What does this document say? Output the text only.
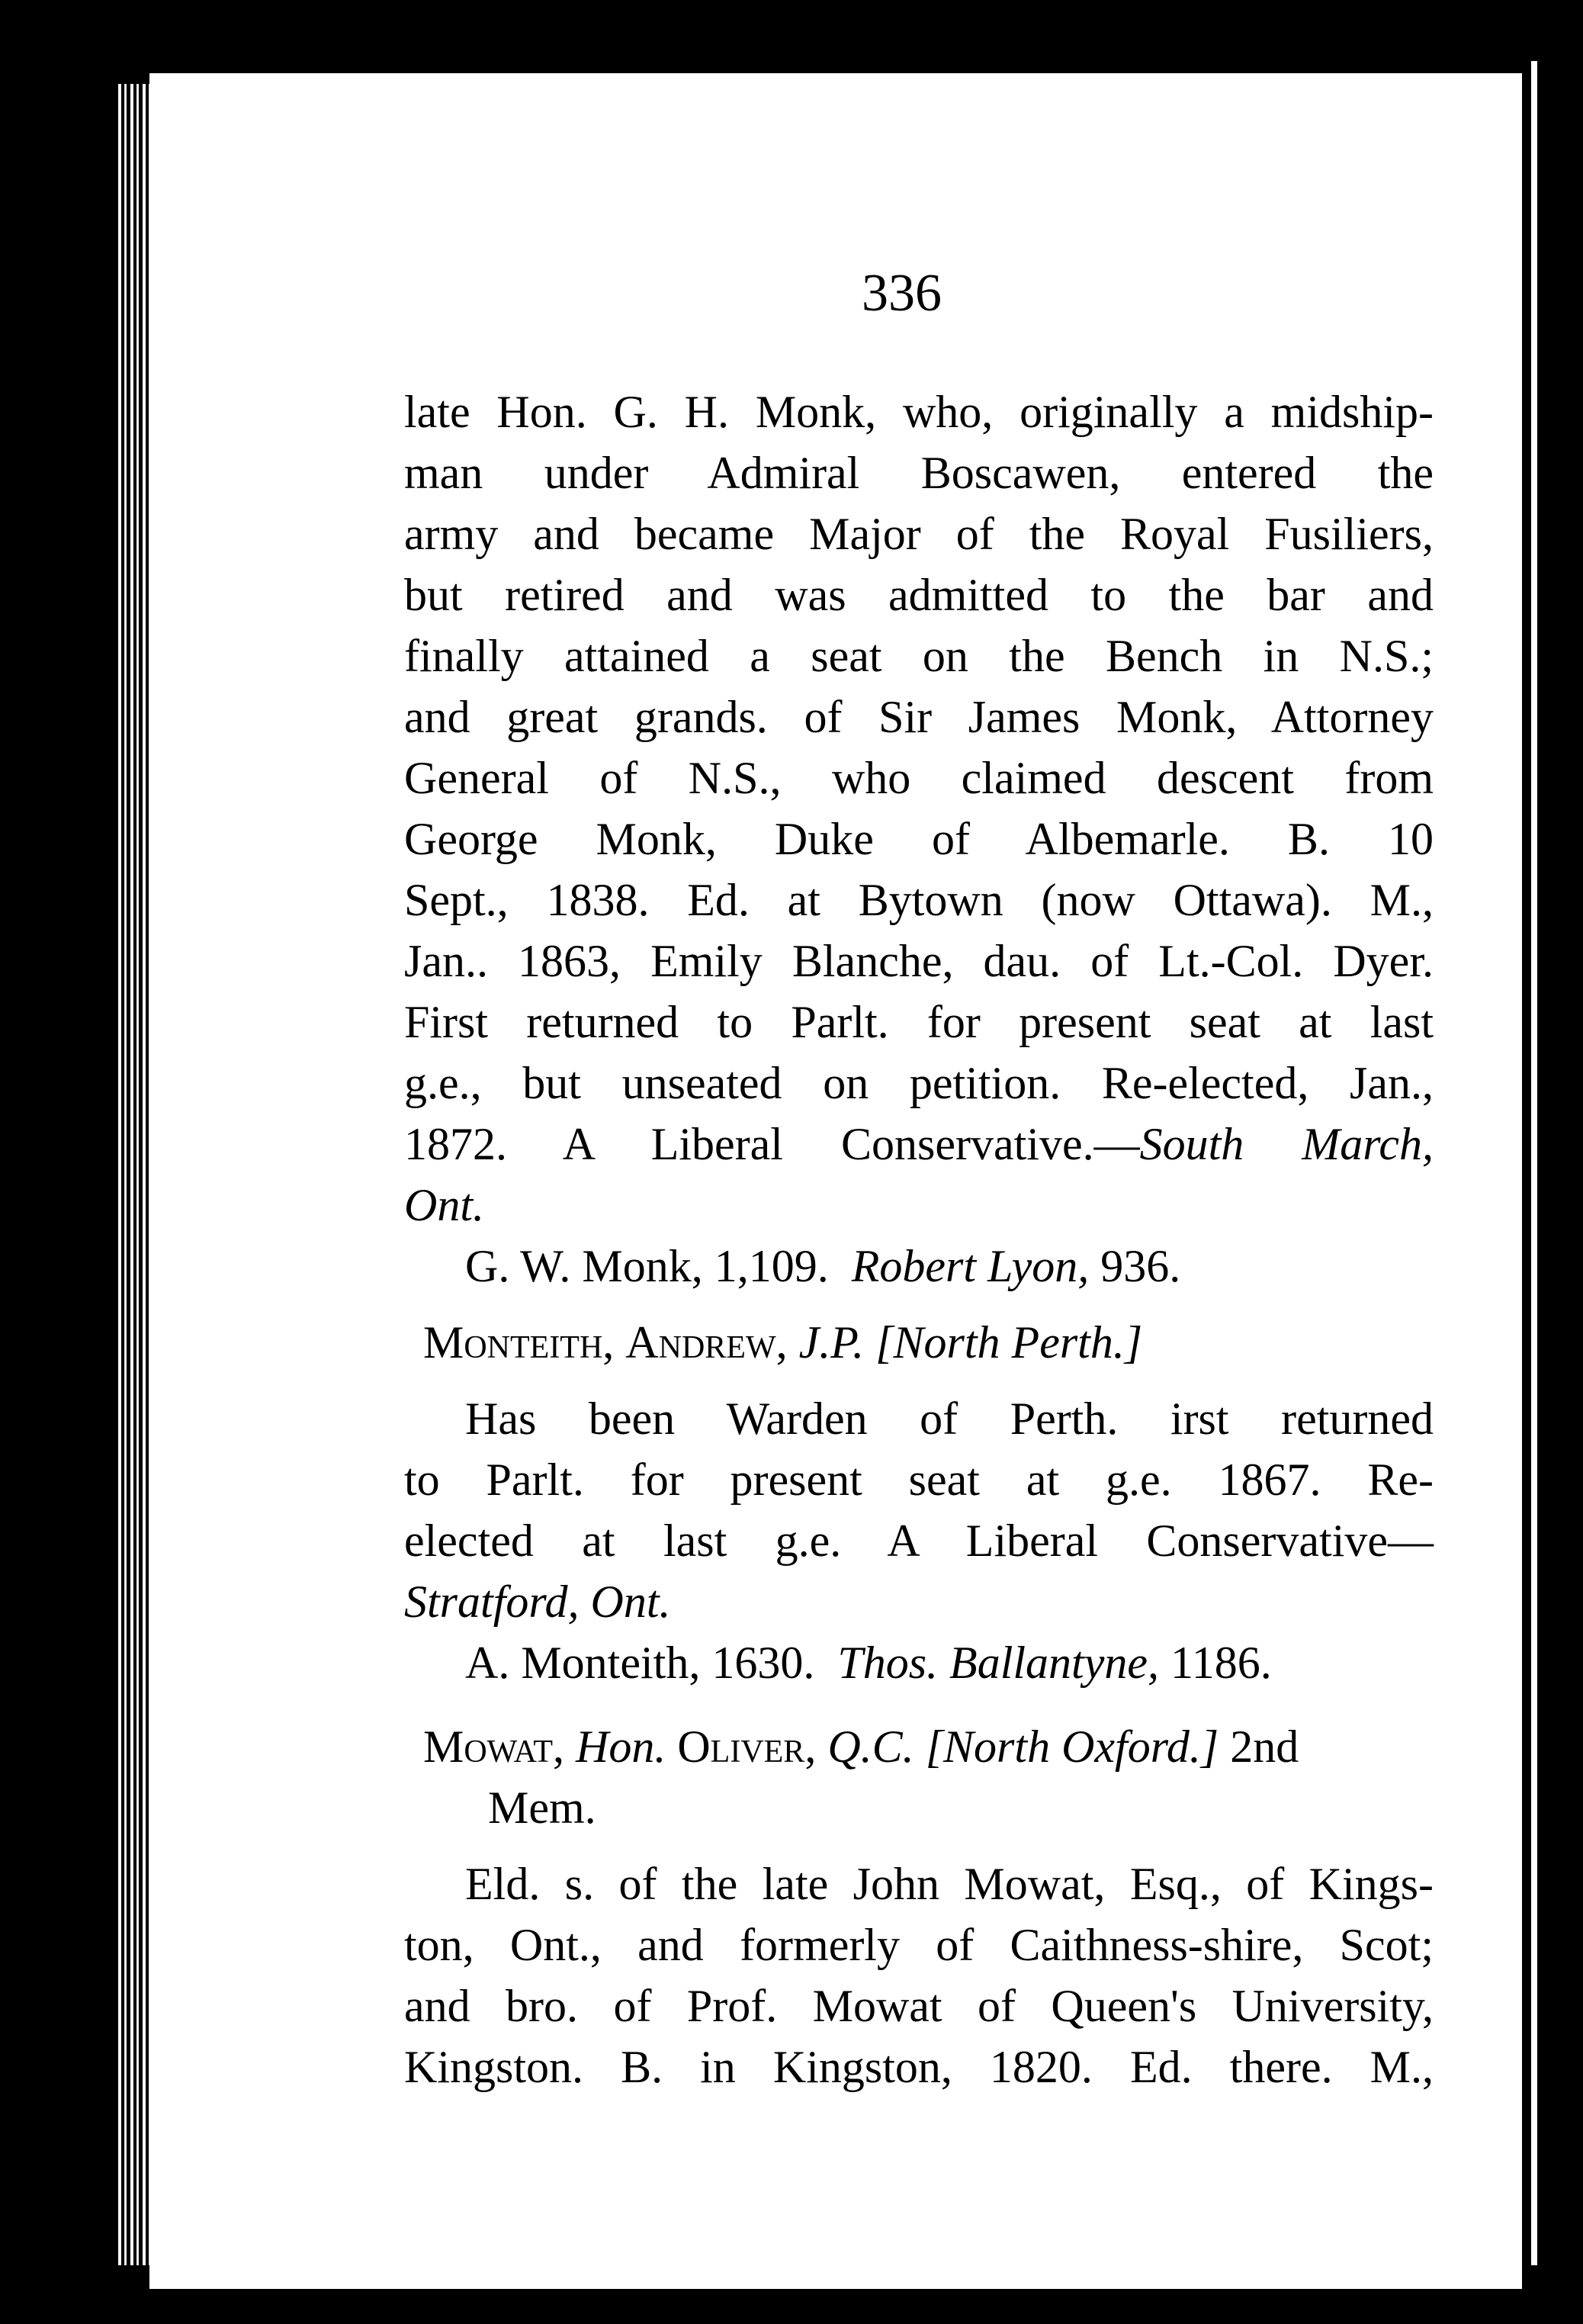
336
late Hon. G. H. Monk, who, originally a midship-
man under Admiral Boscawen, entered the
army and became Major of the Royal Fusiliers,
but retired and was admitted to the bar and
finally attained a seat on the Bench in N.S.;
and great grands. of Sir James Monk, Attorney
General of N.S., who claimed descent from
George Monk, Duke of Albemarle. B. 10
Sept., 1838. Ed. at Bytown (now Ottawa). M.,
Jan.. 1863, Emily Blanche, dau. of Lt.-Col. Dyer.
First returned to Parlt. for present seat at last
g.e., but unseated on petition. Re-elected, Jan.,
1872. A Liberal Conservative.—South March,
Ont.
G. W. Monk, 1,109. Robert Lyon, 936.
Monteith, Andrew, J.P. [North Perth.]
Has been Warden of Perth. irst returned
to Parlt. for present seat at g.e. 1867. Re-
elected at last g.e. A Liberal Conservative—
Stratford, Ont.
A. Monteith, 1630. Thos. Ballantyne, 1186.
Mowat, Hon. Oliver, Q.C. [North Oxford.] 2nd
Mem.
Eld. s. of the late John Mowat, Esq., of Kings-
ton, Ont., and formerly of Caithness-shire, Scot;
and bro. of Prof. Mowat of Queen's University,
Kingston. B. in Kingston, 1820. Ed. there. M.,
